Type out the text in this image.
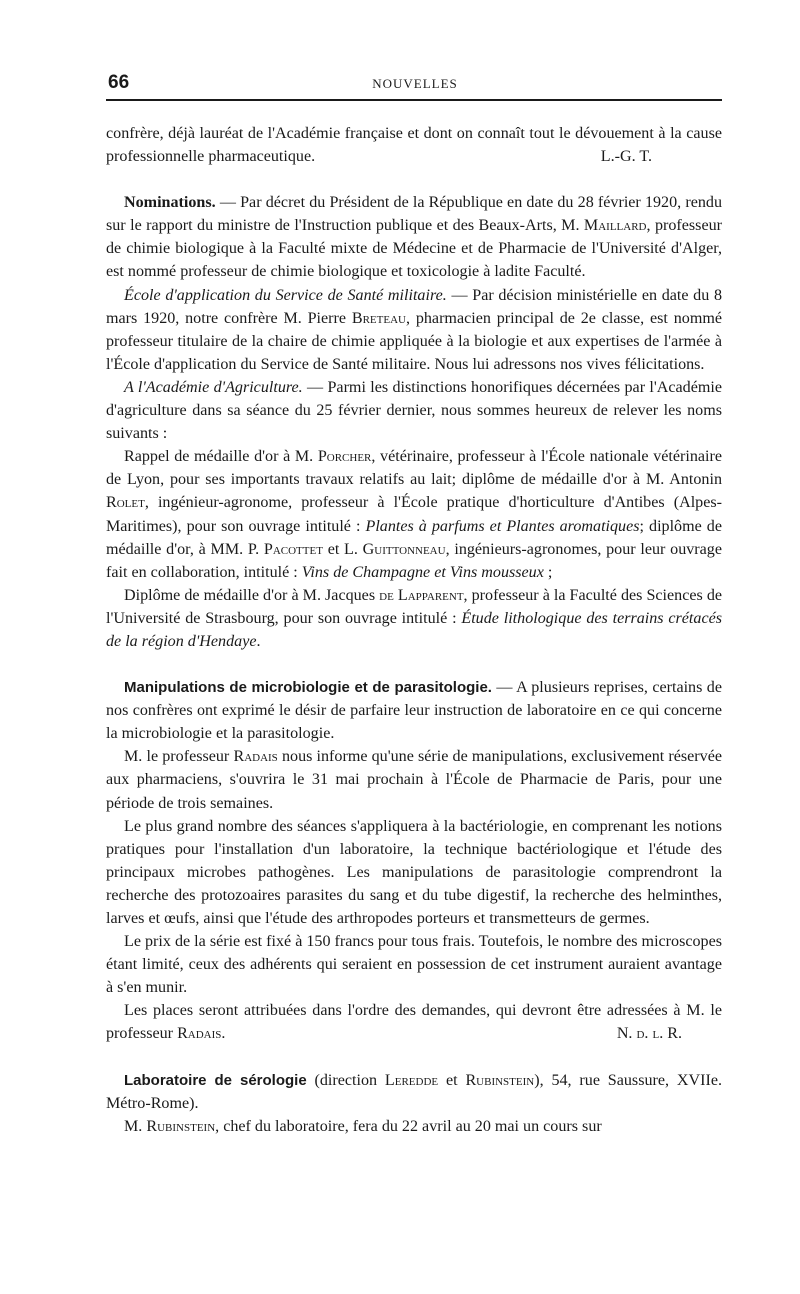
66	NOUVELLES

confrère, déjà lauréat de l'Académie française et dont on connaît tout le dévouement à la cause professionnelle pharmaceutique.	L.-G. T.

Nominations. — Par décret du Président de la République en date du 28 février 1920, rendu sur le rapport du ministre de l'Instruction publique et des Beaux-Arts, M. Maillard, professeur de chimie biologique à la Faculté mixte de Médecine et de Pharmacie de l'Université d'Alger, est nommé professeur de chimie biologique et toxicologie à ladite Faculté.

École d'application du Service de Santé militaire. — Par décision ministérielle en date du 8 mars 1920, notre confrère M. Pierre Breteau, pharmacien principal de 2e classe, est nommé professeur titulaire de la chaire de chimie appliquée à la biologie et aux expertises de l'armée à l'École d'application du Service de Santé militaire. Nous lui adressons nos vives félicitations.

A l'Académie d'Agriculture. — Parmi les distinctions honorifiques décernées par l'Académie d'agriculture dans sa séance du 25 février dernier, nous sommes heureux de relever les noms suivants :

Rappel de médaille d'or à M. Porcher, vétérinaire, professeur à l'École nationale vétérinaire de Lyon, pour ses importants travaux relatifs au lait; diplôme de médaille d'or à M. Antonin Rolet, ingénieur-agronome, professeur à l'École pratique d'horticulture d'Antibes (Alpes-Maritimes), pour son ouvrage intitulé : Plantes à parfums et Plantes aromatiques; diplôme de médaille d'or, à MM. P. Pacottet et L. Guittonneau, ingénieurs-agronomes, pour leur ouvrage fait en collaboration, intitulé : Vins de Champagne et Vins mousseux ;

Diplôme de médaille d'or à M. Jacques de Lapparent, professeur à la Faculté des Sciences de l'Université de Strasbourg, pour son ouvrage intitulé : Étude lithologique des terrains crétacés de la région d'Hendaye.

Manipulations de microbiologie et de parasitologie. — A plusieurs reprises, certains de nos confrères ont exprimé le désir de parfaire leur instruction de laboratoire en ce qui concerne la microbiologie et la parasitologie.

M. le professeur Radais nous informe qu'une série de manipulations, exclusivement réservée aux pharmaciens, s'ouvrira le 31 mai prochain à l'École de Pharmacie de Paris, pour une période de trois semaines.

Le plus grand nombre des séances s'appliquera à la bactériologie, en comprenant les notions pratiques pour l'installation d'un laboratoire, la technique bactériologique et l'étude des principaux microbes pathogènes. Les manipulations de parasitologie comprendront la recherche des protozoaires parasites du sang et du tube digestif, la recherche des helminthes, larves et œufs, ainsi que l'étude des arthropodes porteurs et transmetteurs de germes.

Le prix de la série est fixé à 150 francs pour tous frais. Toutefois, le nombre des microscopes étant limité, ceux des adhérents qui seraient en possession de cet instrument auraient avantage à s'en munir.

Les places seront attribuées dans l'ordre des demandes, qui devront être adressées à M. le professeur Radais.	N. d. l. R.

Laboratoire de sérologie (direction Leredde et Rubinstein), 54, rue Saussure, XVIIe. Métro-Rome).

M. Rubinstein, chef du laboratoire, fera du 22 avril au 20 mai un cours sur
